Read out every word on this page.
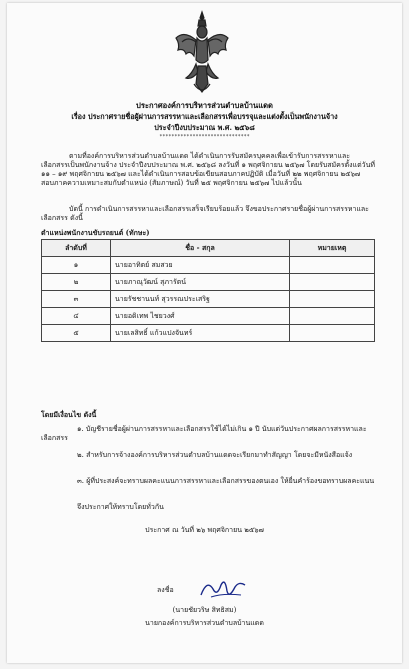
ประกาศองค์การบริหารส่วนตำบลบ้านแดด
เรื่อง ประกาศรายชื่อผู้ผ่านการสรรหาและเลือกสรรเพื่อบรรจุและแต่งตั้งเป็นพนักงานจ้าง
ประจำปีงบประมาณ พ.ศ. ๒๕๖๘
******************************
ตามที่องค์การบริหารส่วนตำบลบ้านแดด ได้ดำเนินการรับสมัครบุคคลเพื่อเข้ารับการสรรหาและเลือกสรรเป็นพนักงานจ้าง ประจำปีงบประมาณ พ.ศ. ๒๕๖๘ ลงวันที่ ๑ พฤศจิกายน ๒๕๖๗ โดยรับสมัครตั้งแต่วันที่ ๑๑ – ๑๙ พฤศจิกายน ๒๕๖๗ และได้ดำเนินการสอบข้อเขียนสอบภาคปฏิบัติ เมื่อวันที่ ๒๒ พฤศจิกายน ๒๕๖๗ สอบภาคความเหมาะสมกับตำแหน่ง (สัมภาษณ์) วันที่ ๒๕ พฤศจิกายน ๒๕๖๗ ไปแล้วนั้น
บัดนี้ การดำเนินการสรรหาและเลือกสรรเสร็จเรียบร้อยแล้ว จึงขอประกาศรายชื่อผู้ผ่านการสรรหาและเลือกสรร ดังนี้
ตำแหน่งพนักงานขับรถยนต์ (ทักษะ)
ลำดับที่	ชื่อ - สกุล	หมายเหตุ
๑	นายอาทิตย์ สมสวย	
๒	นายภาณุวัฒน์ สุภารัตน์	
๓	นายรัชชานนท์ สุวรรณประเสริฐ	
๔	นายอดิเทพ ไชยวงศ์	
๕	นายเลสิทธิ์ แก้วแปงจันทร์	
โดยมีเงื่อนไข ดังนี้
๑. บัญชีรายชื่อผู้ผ่านการสรรหาและเลือกสรรใช้ได้ไม่เกิน ๑ ปี นับแต่วันประกาศผลการสรรหาและเลือกสรร
๒. สำหรับการจ้างองค์การบริหารส่วนตำบลบ้านแดดจะเรียกมาทำสัญญา โดยจะมีหนังสือแจ้ง
๓. ผู้ที่ประสงค์จะทราบผลคะแนนการสรรหาและเลือกสรรของตนเอง ให้ยื่นคำร้องขอทราบผลคะแนน
จึงประกาศให้ทราบโดยทั่วกัน
ประกาศ ณ วันที่ ๒๖ พฤศจิกายน ๒๕๖๗
ลงชื่อ
(นายชัยวริษ สิทธิสม)
นายกองค์การบริหารส่วนตำบลบ้านแดด
